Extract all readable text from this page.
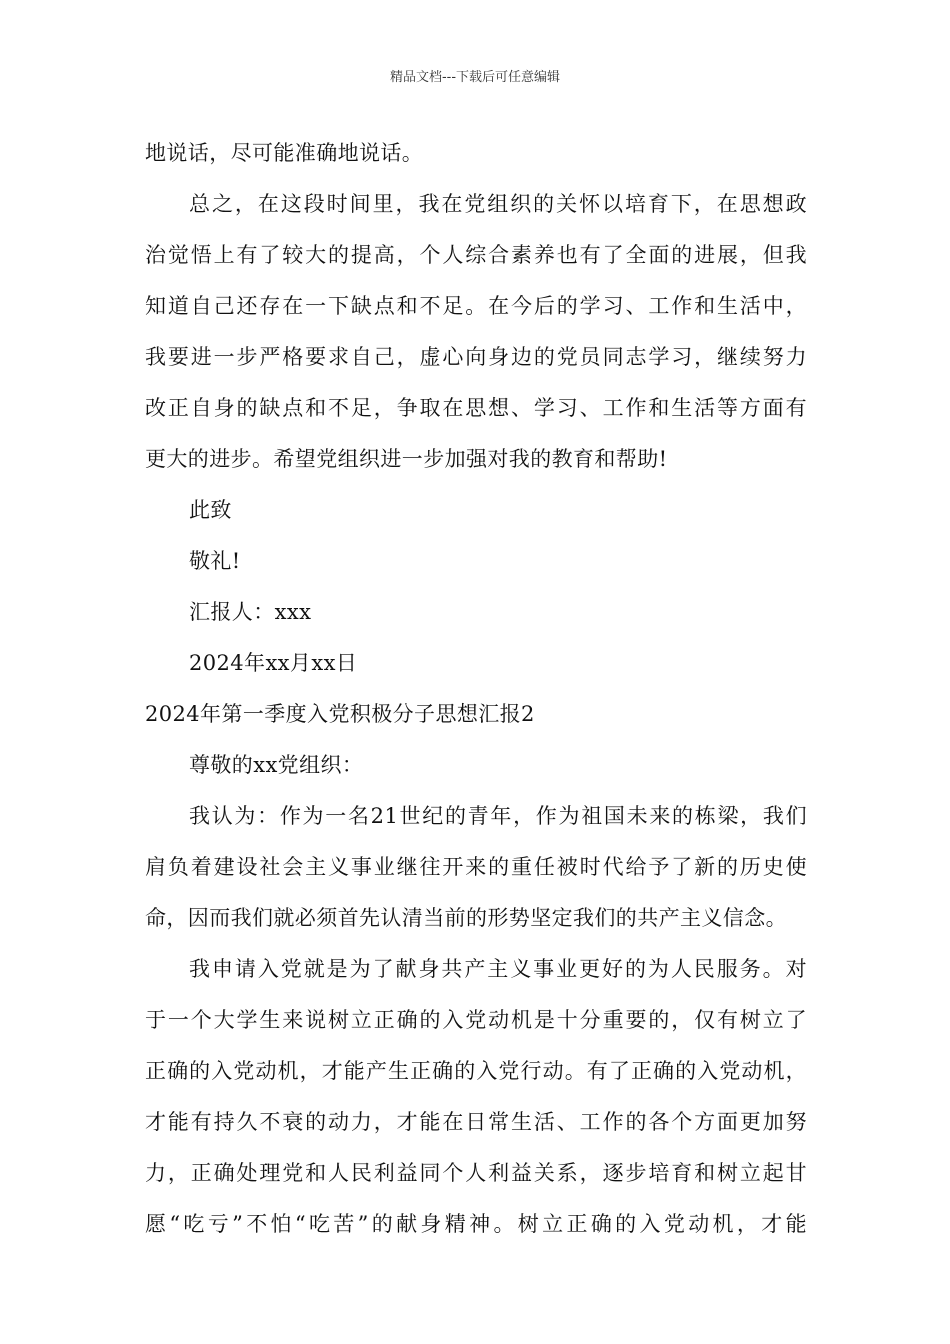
精品文档---下载后可任意编辑
地说话，尽可能准确地说话。
总之，在这段时间里，我在党组织的关怀以培育下，在思想政
治觉悟上有了较大的提高，个人综合素养也有了全面的进展，但我
知道自己还存在一下缺点和不足。在今后的学习、工作和生活中，
我要进一步严格要求自己，虚心向身边的党员同志学习，继续努力
改正自身的缺点和不足，争取在思想、学习、工作和生活等方面有
更大的进步。希望党组织进一步加强对我的教育和帮助!
此致
敬礼!
汇报人：xxx
2024年xx月xx日
2024年第一季度入党积极分子思想汇报2
尊敬的xx党组织：
我认为：作为一名21世纪的青年，作为祖国未来的栋梁，我们
肩负着建设社会主义事业继往开来的重任被时代给予了新的历史使
命，因而我们就必须首先认清当前的形势坚定我们的共产主义信念。
我申请入党就是为了献身共产主义事业更好的为人民服务。对
于一个大学生来说树立正确的入党动机是十分重要的，仅有树立了
正确的入党动机，才能产生正确的入党行动。有了正确的入党动机，
才能有持久不衰的动力，才能在日常生活、工作的各个方面更加努
力，正确处理党和人民利益同个人利益关系，逐步培育和树立起甘
愿“吃亏”不怕“吃苦”的献身精神。树立正确的入党动机，才能
